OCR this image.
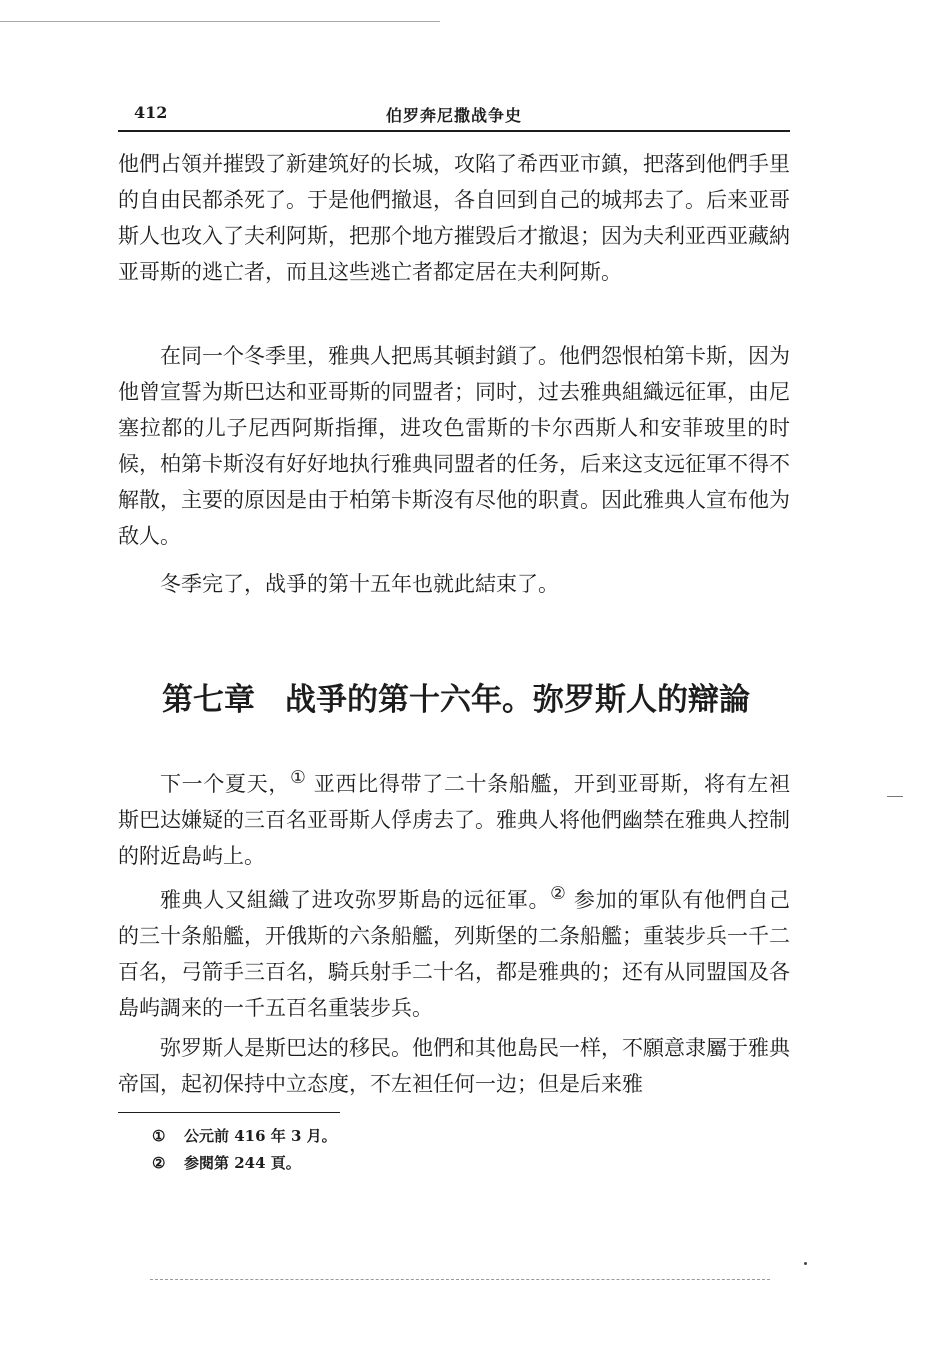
412	伯罗奔尼撒战争史

他們占領并摧毁了新建筑好的长城，攻陷了希西亚市鎮，把落到他們手里的自由民都杀死了。于是他們撤退，各自回到自己的城邦去了。后来亚哥斯人也攻入了夫利阿斯，把那个地方摧毁后才撤退；因为夫利亚西亚藏納亚哥斯的逃亡者，而且这些逃亡者都定居在夫利阿斯。

在同一个冬季里，雅典人把馬其頓封鎖了。他們怨恨柏第卡斯，因为他曾宣誓为斯巴达和亚哥斯的同盟者；同时，过去雅典組織远征軍，由尼塞拉都的儿子尼西阿斯指揮，进攻色雷斯的卡尔西斯人和安菲玻里的时候，柏第卡斯沒有好好地执行雅典同盟者的任务，后来这支远征軍不得不解散，主要的原因是由于柏第卡斯沒有尽他的职責。因此雅典人宣布他为敌人。

冬季完了，战爭的第十五年也就此結束了。

第七章 战爭的第十六年。弥罗斯人的辯論

下一个夏天，① 亚西比得带了二十条船艦，开到亚哥斯，将有左袒斯巴达嫌疑的三百名亚哥斯人俘虏去了。雅典人将他們幽禁在雅典人控制的附近島屿上。

雅典人又組織了进攻弥罗斯島的远征軍。② 参加的軍队有他們自己的三十条船艦，开俄斯的六条船艦，列斯堡的二条船艦；重装步兵一千二百名，弓箭手三百名，騎兵射手二十名，都是雅典的；还有从同盟国及各島屿調来的一千五百名重装步兵。

弥罗斯人是斯巴达的移民。他們和其他島民一样，不願意隶屬于雅典帝国，起初保持中立态度，不左袒任何一边；但是后来雅

① 公元前 416 年 3 月。
② 参閱第 244 頁。
